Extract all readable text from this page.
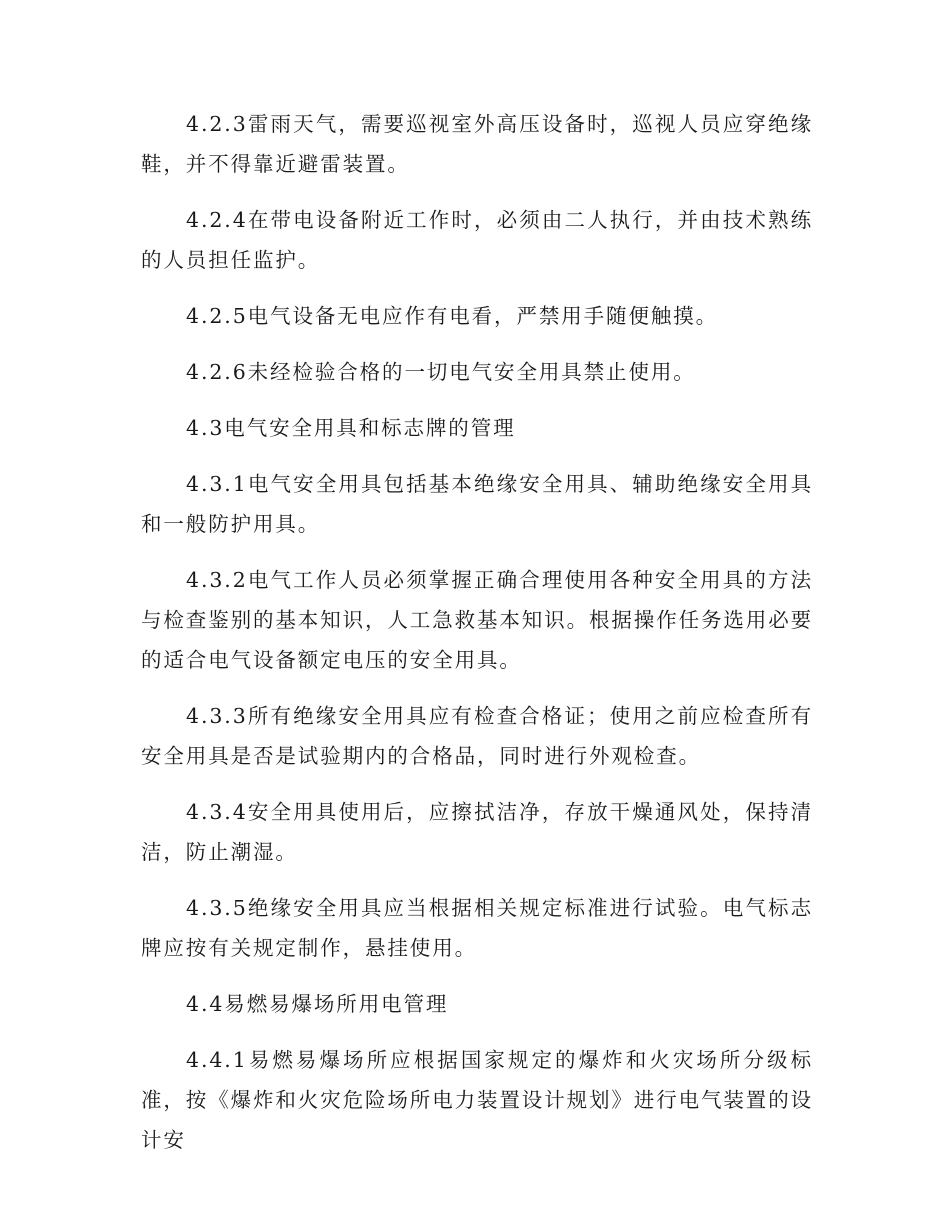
4.2.3雷雨天气，需要巡视室外高压设备时，巡视人员应穿绝缘鞋，并不得靠近避雷装置。

4.2.4在带电设备附近工作时，必须由二人执行，并由技术熟练的人员担任监护。

4.2.5电气设备无电应作有电看，严禁用手随便触摸。

4.2.6未经检验合格的一切电气安全用具禁止使用。

4.3电气安全用具和标志牌的管理

4.3.1电气安全用具包括基本绝缘安全用具、辅助绝缘安全用具和一般防护用具。

4.3.2电气工作人员必须掌握正确合理使用各种安全用具的方法与检查鉴别的基本知识，人工急救基本知识。根据操作任务选用必要的适合电气设备额定电压的安全用具。

4.3.3所有绝缘安全用具应有检查合格证；使用之前应检查所有安全用具是否是试验期内的合格品，同时进行外观检查。

4.3.4安全用具使用后，应擦拭洁净，存放干燥通风处，保持清洁，防止潮湿。

4.3.5绝缘安全用具应当根据相关规定标准进行试验。电气标志牌应按有关规定制作，悬挂使用。

4.4易燃易爆场所用电管理

4.4.1易燃易爆场所应根据国家规定的爆炸和火灾场所分级标准，按《爆炸和火灾危险场所电力装置设计规划》进行电气装置的设计安
